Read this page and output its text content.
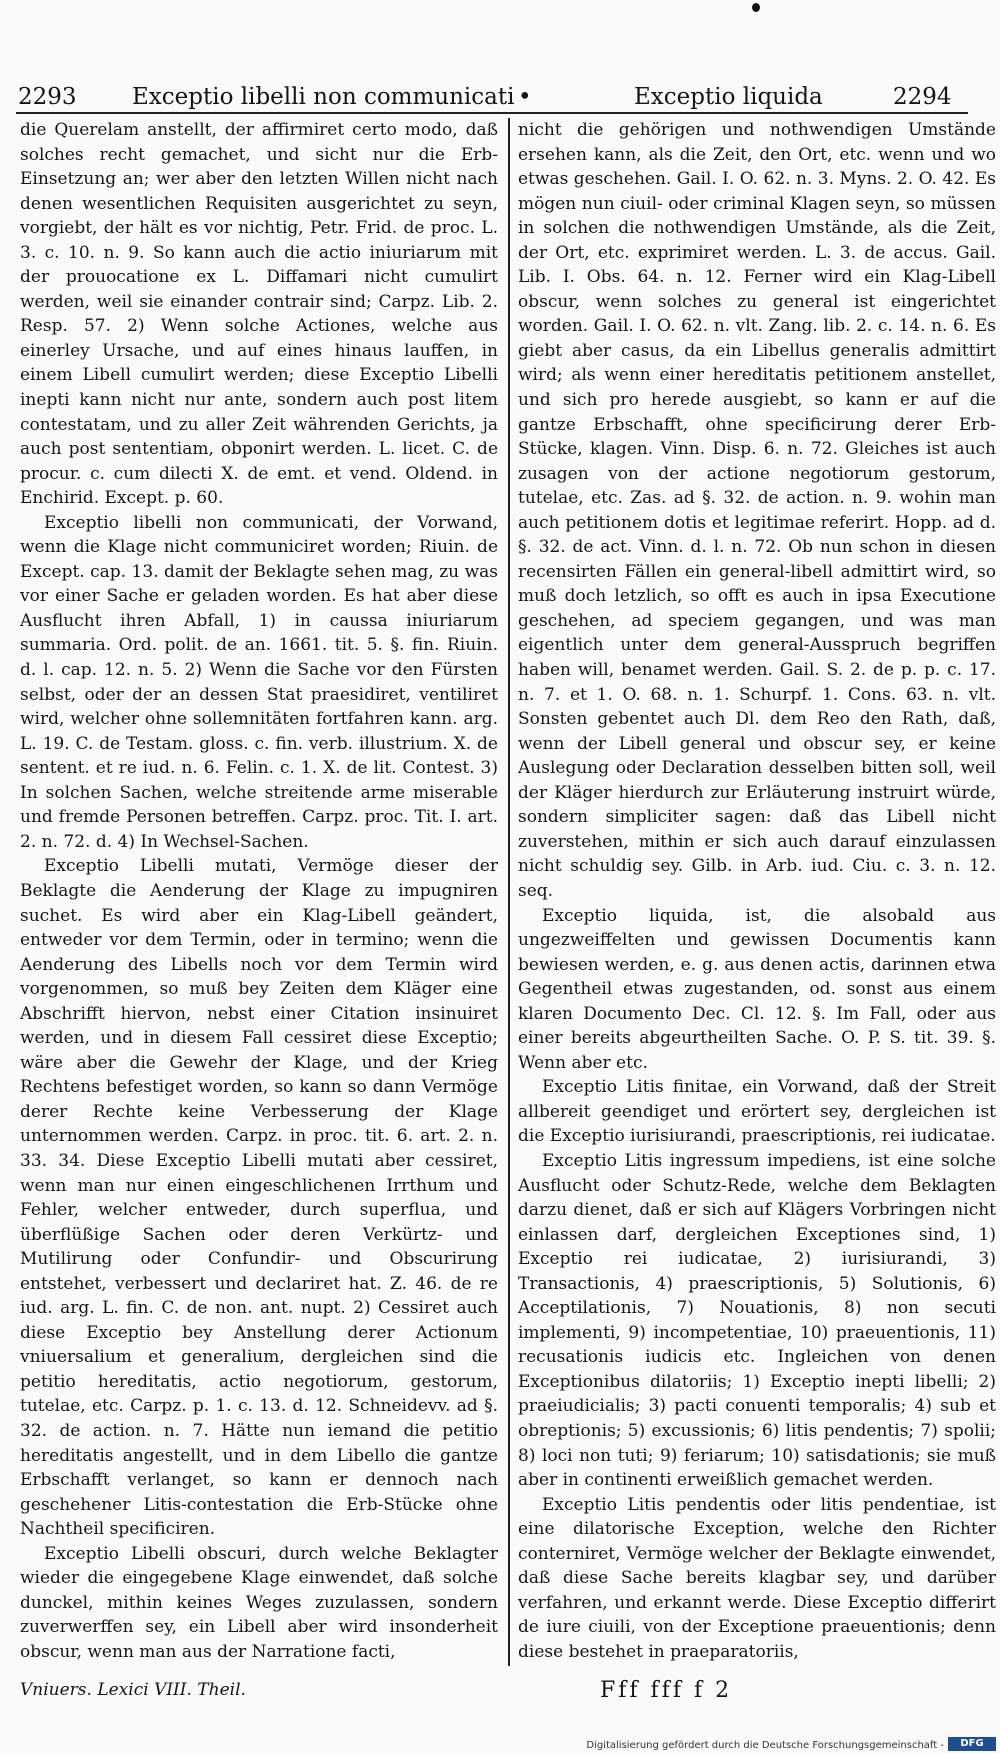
2293 Exceptio libelli non communicati •	Exceptio liquida	2294

die Querelam anstellt, der affirmiret certo modo, daß solches recht gemachet, und sicht nur die Erb-Einsetzung an; wer aber den letzten Willen nicht nach denen wesentlichen Requisiten ausgerichtet zu seyn, vorgiebt, der hält es vor nichtig, Petr. Frid. de proc. L. 3. c. 10. n. 9. So kann auch die actio iniuriarum mit der prouocatione ex L. Diffamari nicht cumulirt werden, weil sie einander contrair sind; Carpz. Lib. 2. Resp. 57. 2) Wenn solche Actiones, welche aus einerley Ursache, und auf eines hinaus lauffen, in einem Libell cumulirt werden; diese Exceptio Libelli inepti kann nicht nur ante, sondern auch post litem contestatam, und zu aller Zeit währenden Gerichts, ja auch post sententiam, obponirt werden. L. licet. C. de procur. c. cum dilecti X. de emt. et vend. Oldend. in Enchirid. Except. p. 60.

Exceptio libelli non communicati, der Vorwand, wenn die Klage nicht communiciret worden; Riuin. de Except. cap. 13. damit der Beklagte sehen mag, zu was vor einer Sache er geladen worden. Es hat aber diese Ausflucht ihren Abfall, 1) in caussa iniuriarum summaria. Ord. polit. de an. 1661. tit. 5. §. fin. Riuin. d. l. cap. 12. n. 5. 2) Wenn die Sache vor den Fürsten selbst, oder der an dessen Stat praesidiret, ventiliret wird, welcher ohne sollemnitäten fortfahren kann. arg. L. 19. C. de Testam. gloss. c. fin. verb. illustrium. X. de sentent. et re iud. n. 6. Felin. c. 1. X. de lit. Contest. 3) In solchen Sachen, welche streitende arme miserable und fremde Personen betreffen. Carpz. proc. Tit. I. art. 2. n. 72. d. 4) In Wechsel-Sachen.

Exceptio Libelli mutati, Vermöge dieser der Beklagte die Aenderung der Klage zu impugniren suchet. Es wird aber ein Klag-Libell geändert, entweder vor dem Termin, oder in termino; wenn die Aenderung des Libells noch vor dem Termin wird vorgenommen, so muß bey Zeiten dem Kläger eine Abschrifft hiervon, nebst einer Citation insinuiret werden, und in diesem Fall cessiret diese Exceptio; wäre aber die Gewehr der Klage, und der Krieg Rechtens befestiget worden, so kann so dann Vermöge derer Rechte keine Verbesserung der Klage unternommen werden. Carpz. in proc. tit. 6. art. 2. n. 33. 34. Diese Exceptio Libelli mutati aber cessiret, wenn man nur einen eingeschlichenen Irrthum und Fehler, welcher entweder, durch superflua, und überflüßige Sachen oder deren Verkürtz- und Mutilirung oder Confundir- und Obscurirung entstehet, verbessert und declariret hat. Z. 46. de re iud. arg. L. fin. C. de non. ant. nupt. 2) Cessiret auch diese Exceptio bey Anstellung derer Actionum vniuersalium et generalium, dergleichen sind die petitio hereditatis, actio negotiorum, gestorum, tutelae, etc. Carpz. p. 1. c. 13. d. 12. Schneidevv. ad §. 32. de action. n. 7. Hätte nun iemand die petitio hereditatis angestellt, und in dem Libello die gantze Erbschafft verlanget, so kann er dennoch nach geschehener Litis-contestation die Erb-Stücke ohne Nachtheil specificiren.

Exceptio Libelli obscuri, durch welche Beklagter wieder die eingegebene Klage einwendet, daß solche dunckel, mithin keines Weges zuzulassen, sondern zuverwerffen sey, ein Libell aber wird insonderheit obscur, wenn man aus der Narratione facti,

nicht die gehörigen und nothwendigen Umstände ersehen kann, als die Zeit, den Ort, etc. wenn und wo etwas geschehen. Gail. I. O. 62. n. 3. Myns. 2. O. 42. Es mögen nun ciuil- oder criminal Klagen seyn, so müssen in solchen die nothwendigen Umstände, als die Zeit, der Ort, etc. exprimiret werden. L. 3. de accus. Gail. Lib. I. Obs. 64. n. 12. Ferner wird ein Klag-Libell obscur, wenn solches zu general ist eingerichtet worden. Gail. I. O. 62. n. vlt. Zang. lib. 2. c. 14. n. 6. Es giebt aber casus, da ein Libellus generalis admittirt wird; als wenn einer hereditatis petitionem anstellet, und sich pro herede ausgiebt, so kann er auf die gantze Erbschafft, ohne specificirung derer Erb-Stücke, klagen. Vinn. Disp. 6. n. 72. Gleiches ist auch zusagen von der actione negotiorum gestorum, tutelae, etc. Zas. ad §. 32. de action. n. 9. wohin man auch petitionem dotis et legitimae referirt. Hopp. ad d. §. 32. de act. Vinn. d. l. n. 72. Ob nun schon in diesen recensirten Fällen ein general-libell admittirt wird, so muß doch letzlich, so offt es auch in ipsa Executione geschehen, ad speciem gegangen, und was man eigentlich unter dem general-Ausspruch begriffen haben will, benamet werden. Gail. S. 2. de p. p. c. 17. n. 7. et 1. O. 68. n. 1. Schurpf. 1. Cons. 63. n. vlt. Sonsten gebentet auch Dl. dem Reo den Rath, daß, wenn der Libell general und obscur sey, er keine Auslegung oder Declaration desselben bitten soll, weil der Kläger hierdurch zur Erläuterung instruirt würde, sondern simpliciter sagen: daß das Libell nicht zuverstehen, mithin er sich auch darauf einzulassen nicht schuldig sey. Gilb. in Arb. iud. Ciu. c. 3. n. 12. seq.

Exceptio liquida, ist, die alsobald aus ungezweiffelten und gewissen Documentis kann bewiesen werden, e. g. aus denen actis, darinnen etwa Gegentheil etwas zugestanden, od. sonst aus einem klaren Documento Dec. Cl. 12. §. Im Fall, oder aus einer bereits abgeurtheilten Sache. O. P. S. tit. 39. §. Wenn aber etc.

Exceptio Litis finitae, ein Vorwand, daß der Streit allbereit geendiget und erörtert sey, dergleichen ist die Exceptio iurisiurandi, praescriptionis, rei iudicatae.

Exceptio Litis ingressum impediens, ist eine solche Ausflucht oder Schutz-Rede, welche dem Beklagten darzu dienet, daß er sich auf Klägers Vorbringen nicht einlassen darf, dergleichen Exceptiones sind, 1) Exceptio rei iudicatae, 2) iurisiurandi, 3) Transactionis, 4) praescriptionis, 5) Solutionis, 6) Acceptilationis, 7) Nouationis, 8) non secuti implementi, 9) incompetentiae, 10) praeuentionis, 11) recusationis iudicis etc. Ingleichen von denen Exceptionibus dilatoriis; 1) Exceptio inepti libelli; 2) praeiudicialis; 3) pacti conuenti temporalis; 4) sub et obreptionis; 5) excussionis; 6) litis pendentis; 7) spolii; 8) loci non tuti; 9) feriarum; 10) satisdationis; sie muß aber in continenti erweißlich gemachet werden.

Exceptio Litis pendentis oder litis pendentiae, ist eine dilatorische Exception, welche den Richter conterniret, Vermöge welcher der Beklagte einwendet, daß diese Sache bereits klagbar sey, und darüber verfahren, und erkannt werde. Diese Exceptio differirt de iure ciuili, von der Exceptione praeuentionis; denn diese bestehet in praeparatoriis,

Vniuers. Lexici VIII. Theil.	Fff fff f 2
Digitalisierung gefördert durch die Deutsche Forschungsgemeinschaft -	DFG
